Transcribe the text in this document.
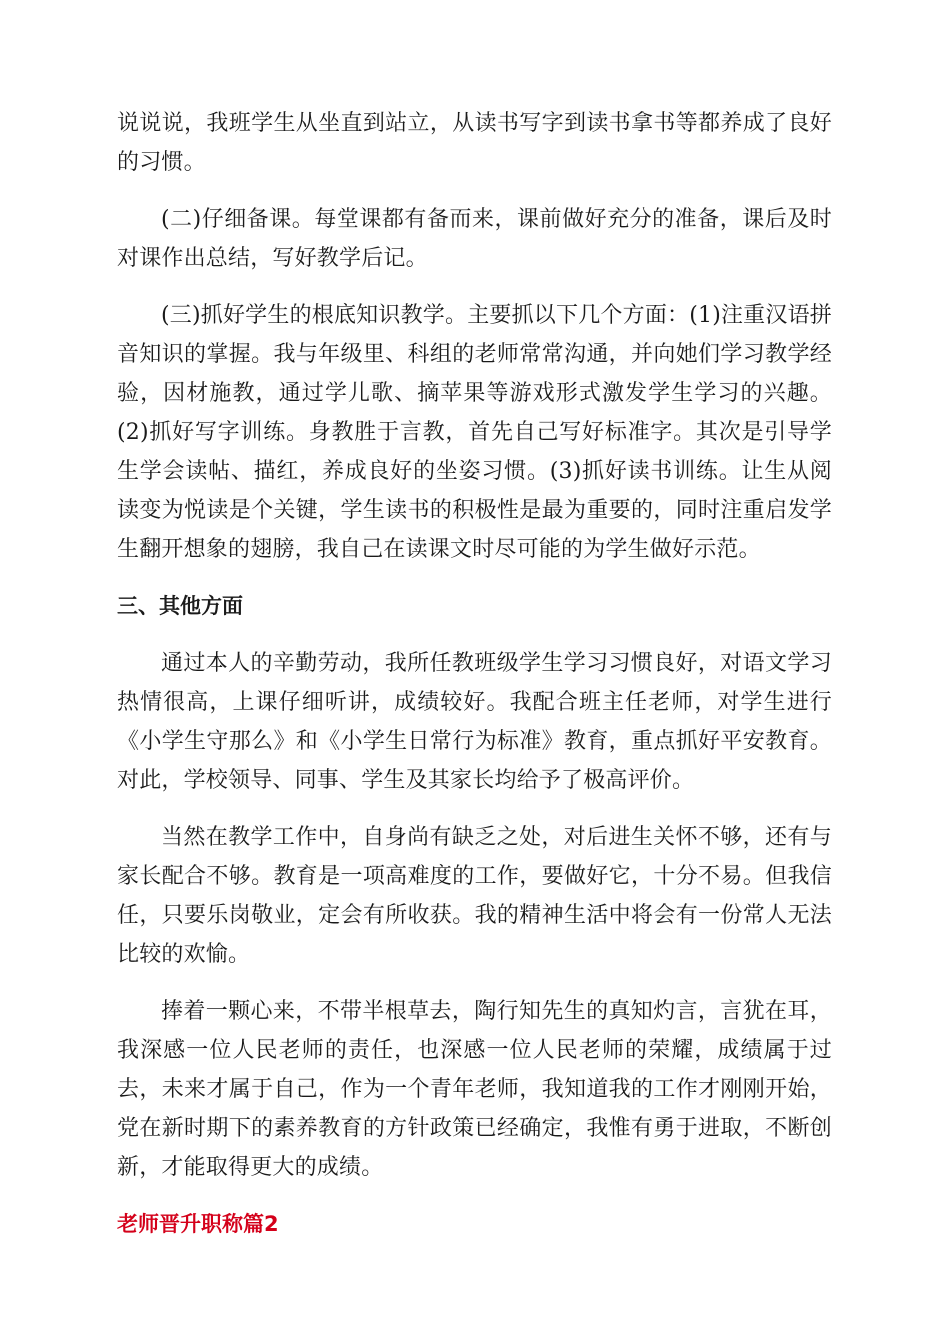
说说说，我班学生从坐直到站立，从读书写字到读书拿书等都养成了良好的习惯。

(二)仔细备课。每堂课都有备而来，课前做好充分的准备，课后及时对课作出总结，写好教学后记。

(三)抓好学生的根底知识教学。主要抓以下几个方面：(1)注重汉语拼音知识的掌握。我与年级里、科组的老师常常沟通，并向她们学习教学经验，因材施教，通过学儿歌、摘苹果等游戏形式激发学生学习的兴趣。(2)抓好写字训练。身教胜于言教，首先自己写好标准字。其次是引导学生学会读帖、描红，养成良好的坐姿习惯。(3)抓好读书训练。让生从阅读变为悦读是个关键，学生读书的积极性是最为重要的，同时注重启发学生翻开想象的翅膀，我自己在读课文时尽可能的为学生做好示范。

三、其他方面

通过本人的辛勤劳动，我所任教班级学生学习习惯良好，对语文学习热情很高，上课仔细听讲，成绩较好。我配合班主任老师，对学生进行《小学生守那么》和《小学生日常行为标准》教育，重点抓好平安教育。对此，学校领导、同事、学生及其家长均给予了极高评价。

当然在教学工作中，自身尚有缺乏之处，对后进生关怀不够，还有与家长配合不够。教育是一项高难度的工作，要做好它，十分不易。但我信任，只要乐岗敬业，定会有所收获。我的精神生活中将会有一份常人无法比较的欢愉。

捧着一颗心来，不带半根草去，陶行知先生的真知灼言，言犹在耳，我深感一位人民老师的责任，也深感一位人民老师的荣耀，成绩属于过去，未来才属于自己，作为一个青年老师，我知道我的工作才刚刚开始，党在新时期下的素养教育的方针政策已经确定，我惟有勇于进取，不断创新，才能取得更大的成绩。

老师晋升职称篇2
